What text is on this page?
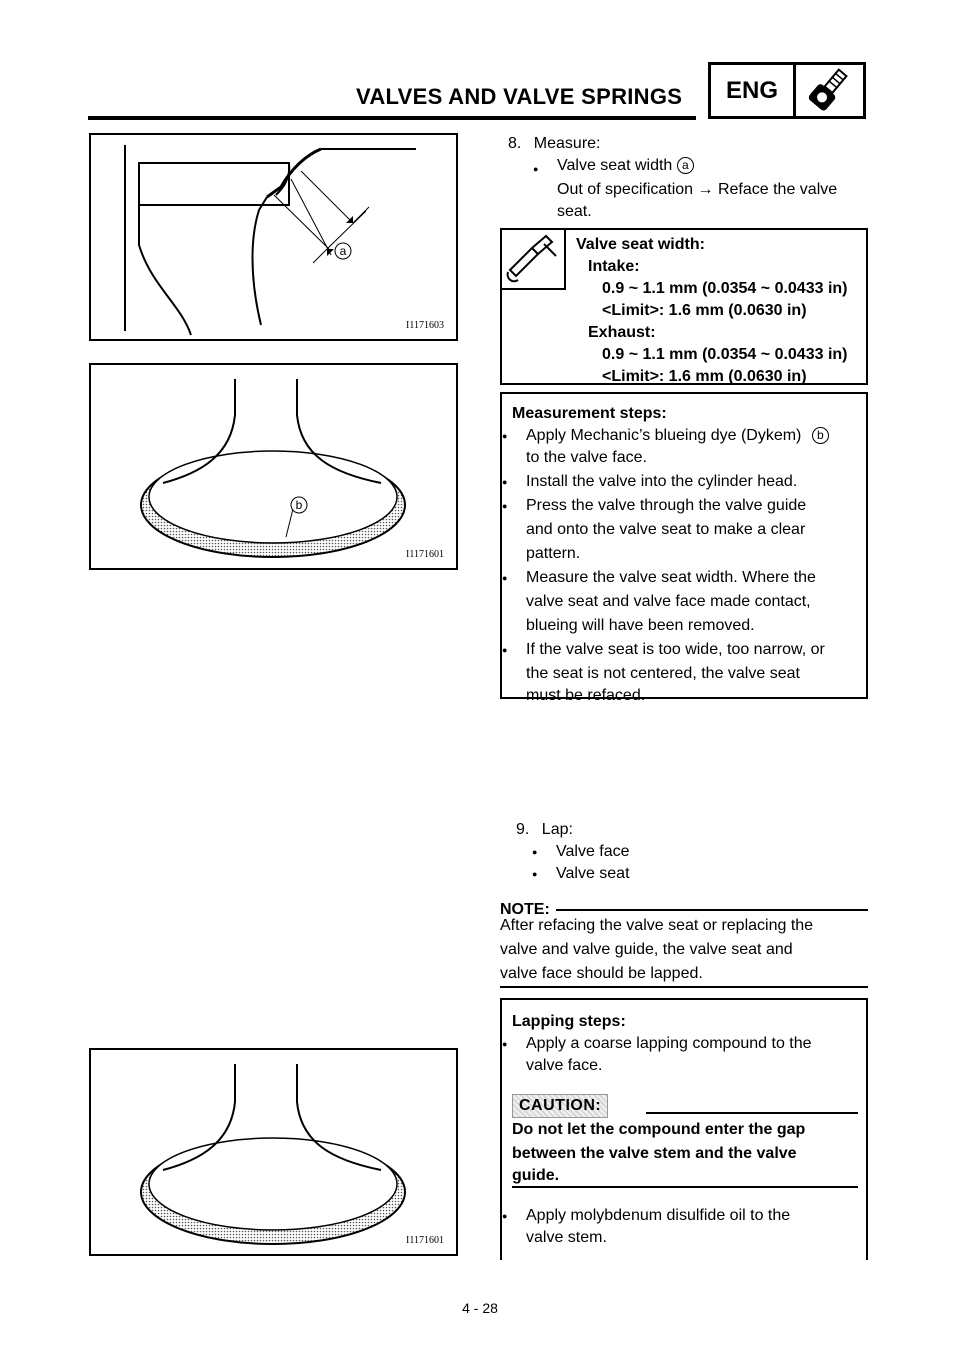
VALVES AND VALVE SPRINGS	ENG
a
I1171603
b
I1171601
I1171601
8. Measure:
Valve seat width a
Out of specification → Reface the valve
seat.
Valve seat width:
Intake:
0.9 ~ 1.1 mm (0.0354 ~ 0.0433 in)
<Limit>: 1.6 mm (0.0630 in)
Exhaust:
0.9 ~ 1.1 mm (0.0354 ~ 0.0433 in)
<Limit>: 1.6 mm (0.0630 in)
Measurement steps:
Apply Mechanic’s blueing dye (Dykem) b
to the valve face.
Install the valve into the cylinder head.
Press the valve through the valve guide
and onto the valve seat to make a clear
pattern.
Measure the valve seat width. Where the
valve seat and valve face made contact,
blueing will have been removed.
If the valve seat is too wide, too narrow, or
the seat is not centered, the valve seat
must be refaced.
9. Lap:
Valve face
Valve seat
NOTE:
After refacing the valve seat or replacing the
valve and valve guide, the valve seat and
valve face should be lapped.
Lapping steps:
Apply a coarse lapping compound to the
valve face.
CAUTION:
Do not let the compound enter the gap
between the valve stem and the valve
guide.
Apply molybdenum disulfide oil to the
valve stem.
4 - 28
